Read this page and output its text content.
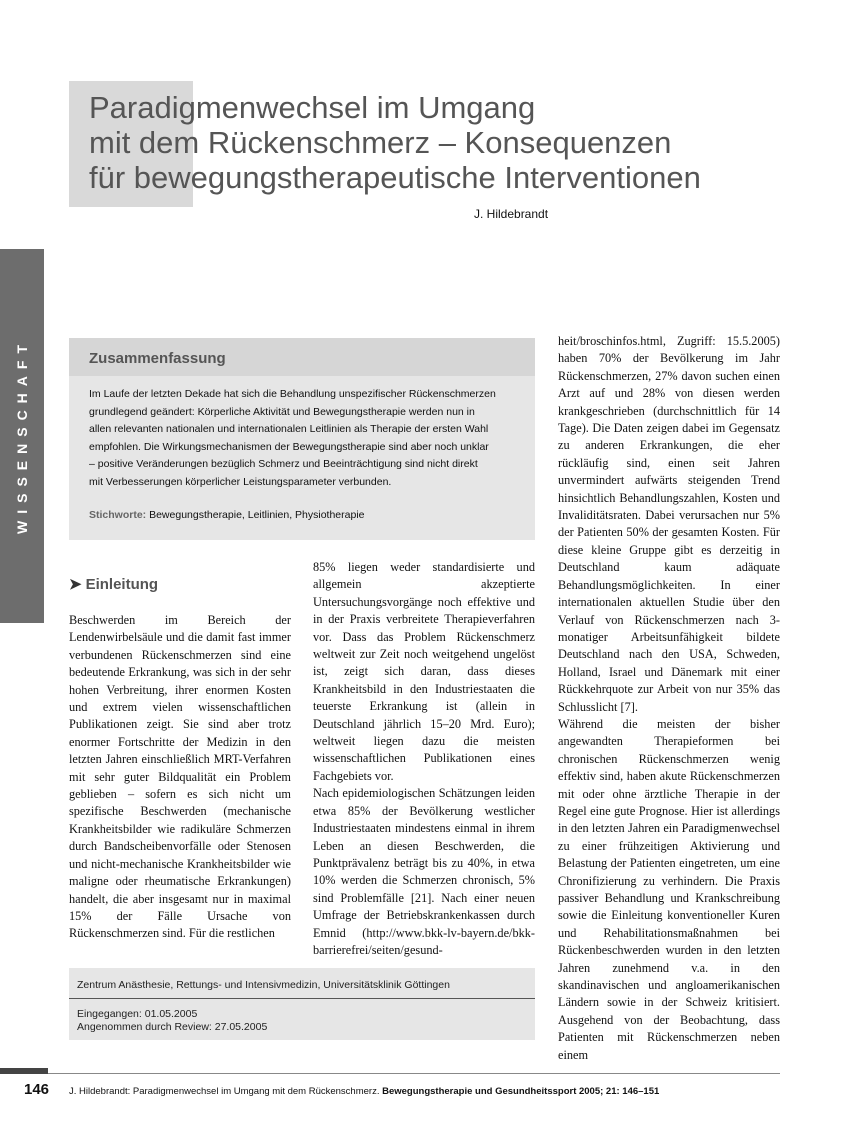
WISSENSCHAFT
Paradigmenwechsel im Umgang
mit dem Rückenschmerz – Konsequenzen
für bewegungstherapeutische Interventionen
J. Hildebrandt
Zusammenfassung
Im Laufe der letzten Dekade hat sich die Behandlung unspezifischer Rückenschmerzen
grundlegend geändert: Körperliche Aktivität und Bewegungstherapie werden nun in
allen relevanten nationalen und internationalen Leitlinien als Therapie der ersten Wahl
empfohlen. Die Wirkungsmechanismen der Bewegungstherapie sind aber noch unklar
– positive Veränderungen bezüglich Schmerz und Beeinträchtigung sind nicht direkt
mit Verbesserungen körperlicher Leistungsparameter verbunden.
Stichworte: Bewegungstherapie, Leitlinien, Physiotherapie
➤ Einleitung

Beschwerden im Bereich der Lendenwirbelsäule und die damit fast immer verbundenen Rückenschmerzen sind eine bedeutende Erkrankung, was sich in der sehr hohen Verbreitung, ihrer enormen Kosten und extrem vielen wissenschaftlichen Publikationen zeigt. Sie sind aber trotz enormer Fortschritte der Medizin in den letzten Jahren einschließlich MRT-Verfahren mit sehr guter Bildqualität ein Problem geblieben – sofern es sich nicht um spezifische Beschwerden (mechanische Krankheitsbilder wie radikuläre Schmerzen durch Bandscheibenvorfälle oder Stenosen und nicht-mechanische Krankheitsbilder wie maligne oder rheumatische Erkrankungen) handelt, die aber insgesamt nur in maximal 15% der Fälle Ursache von Rückenschmerzen sind. Für die restlichen

85% liegen weder standardisierte und allgemein akzeptierte Untersuchungsvorgänge noch effektive und in der Praxis verbreitete Therapieverfahren vor. Dass das Problem Rückenschmerz weltweit zur Zeit noch weitgehend ungelöst ist, zeigt sich daran, dass dieses Krankheitsbild in den Industriestaaten die teuerste Erkrankung ist (allein in Deutschland jährlich 15–20 Mrd. Euro); weltweit liegen dazu die meisten wissenschaftlichen Publikationen eines Fachgebiets vor.

Nach epidemiologischen Schätzungen leiden etwa 85% der Bevölkerung westlicher Industriestaaten mindestens einmal in ihrem Leben an diesen Beschwerden, die Punktprävalenz beträgt bis zu 40%, in etwa 10% werden die Schmerzen chronisch, 5% sind Problemfälle [21]. Nach einer neuen Umfrage der Betriebskrankenkassen durch Emnid (http://www.bkk-lv-bayern.de/bkk-barrierefrei/seiten/gesund-

heit/broschinfos.html, Zugriff: 15.5.2005) haben 70% der Bevölkerung im Jahr Rückenschmerzen, 27% davon suchen einen Arzt auf und 28% von diesen werden krankgeschrieben (durchschnittlich für 14 Tage). Die Daten zeigen dabei im Gegensatz zu anderen Erkrankungen, die eher rückläufig sind, einen seit Jahren unvermindert aufwärts steigenden Trend hinsichtlich Behandlungszahlen, Kosten und Invaliditätsraten. Dabei verursachen nur 5% der Patienten 50% der gesamten Kosten. Für diese kleine Gruppe gibt es derzeitig in Deutschland kaum adäquate Behandlungsmöglichkeiten. In einer internationalen aktuellen Studie über den Verlauf von Rückenschmerzen nach 3-monatiger Arbeitsunfähigkeit bildete Deutschland nach den USA, Schweden, Holland, Israel und Dänemark mit einer Rückkehrquote zur Arbeit von nur 35% das Schlusslicht [7].

Während die meisten der bisher angewandten Therapieformen bei chronischen Rückenschmerzen wenig effektiv sind, haben akute Rückenschmerzen mit oder ohne ärztliche Therapie in der Regel eine gute Prognose. Hier ist allerdings in den letzten Jahren ein Paradigmenwechsel zu einer frühzeitigen Aktivierung und Belastung der Patienten eingetreten, um eine Chronifizierung zu verhindern. Die Praxis passiver Behandlung und Krankschreibung sowie die Einleitung konventioneller Kuren und Rehabilitationsmaßnahmen bei Rückenbeschwerden wurden in den letzten Jahren zunehmend v.a. in den skandinavischen und angloamerikanischen Ländern sowie in der Schweiz kritisiert. Ausgehend von der Beobachtung, dass Patienten mit Rückenschmerzen neben einem

Zentrum Anästhesie, Rettungs- und Intensivmedizin, Universitätsklinik Göttingen
Eingegangen: 01.05.2005
Angenommen durch Review: 27.05.2005
146 J. Hildebrandt: Paradigmenwechsel im Umgang mit dem Rückenschmerz. Bewegungstherapie und Gesundheitssport 2005; 21: 146–151
